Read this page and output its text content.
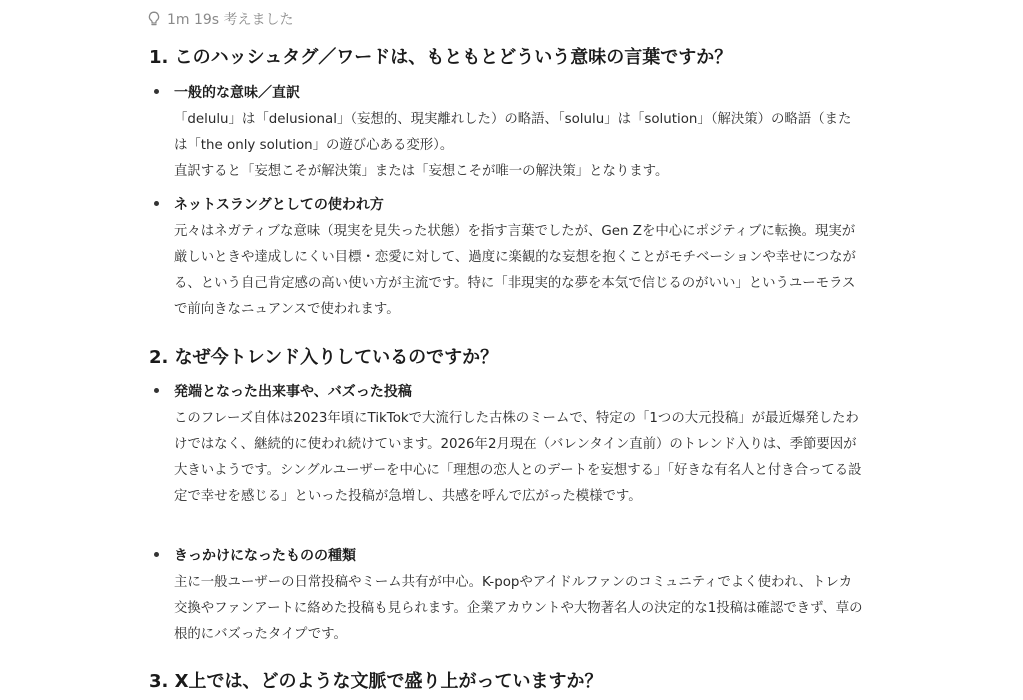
1m 19s 考えました
1. このハッシュタグ／ワードは、もともとどういう意味の言葉ですか？
一般的な意味／直訳

「delulu」は「delusional」（妄想的、現実離れした）の略語、「solulu」は「solution」（解決策）の略語（または「the only solution」の遊び心ある変形）。

直訳すると「妄想こそが解決策」または「妄想こそが唯一の解決策」となります。

ネットスラングとしての使われ方

元々はネガティブな意味（現実を見失った状態）を指す言葉でしたが、Gen Zを中心にポジティブに転換。現実が厳しいときや達成しにくい目標・恋愛に対して、過度に楽観的な妄想を抱くことがモチベーションや幸せにつながる、という自己肯定感の高い使い方が主流です。特に「非現実的な夢を本気で信じるのがいい」というユーモラスで前向きなニュアンスで使われます。

2. なぜ今トレンド入りしているのですか？
発端となった出来事や、バズった投稿

このフレーズ自体は2023年頃にTikTokで大流行した古株のミームで、特定の「1つの大元投稿」が最近爆発したわけではなく、継続的に使われ続けています。2026年2月現在（バレンタイン直前）のトレンド入りは、季節要因が大きいようです。シングルユーザーを中心に「理想の恋人とのデートを妄想する」「好きな有名人と付き合ってる設定で幸せを感じる」といった投稿が急増し、共感を呼んで広がった模様です。

きっかけになったものの種類

主に一般ユーザーの日常投稿やミーム共有が中心。K-popやアイドルファンのコミュニティでよく使われ、トレカ交換やファンアートに絡めた投稿も見られます。企業アカウントや大物著名人の決定的な1投稿は確認できず、草の根的にバズったタイプです。

3. X上では、どのような文脈で盛り上がっていますか？
